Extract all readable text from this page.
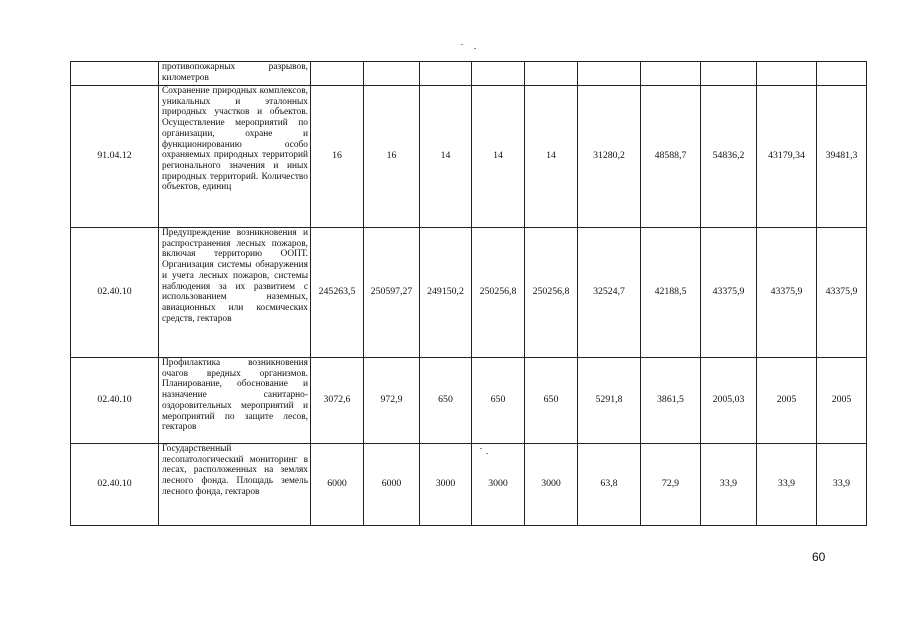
	противопожарных разрывов, километров										
91.04.12	Сохранение природных комплексов, уникальных и эталонных природных участков и объектов. Осуществление мероприятий по организации, охране и функционированию особо охраняемых природных территорий регионального значения и иных природных территорий. Количество объектов, единиц	16	16	14	14	14	31280,2	48588,7	54836,2	43179,34	39481,3
02.40.10	Предупреждение возникновения и распространения лесных пожаров, включая территорию ООПТ. Организация системы обнаружения и учета лесных пожаров, системы наблюдения за их развитием с использованием наземных, авиационных или космических средств, гектаров	245263,5	250597,27	249150,2	250256,8	250256,8	32524,7	42188,5	43375,9	43375,9	43375,9
02.40.10	Профилактика возникновения очагов вредных организмов. Планирование, обоснование и назначение санитарно-оздоровительных мероприятий и мероприятий по защите лесов, гектаров	3072,6	972,9	650	650	650	5291,8	3861,5	2005,03	2005	2005
02.40.10	Государственный лесопатологический мониторинг в лесах, расположенных на землях лесного фонда. Площадь земель лесного фонда, гектаров	6000	6000	3000	3000	3000	63,8	72,9	33,9	33,9	33,9
60
